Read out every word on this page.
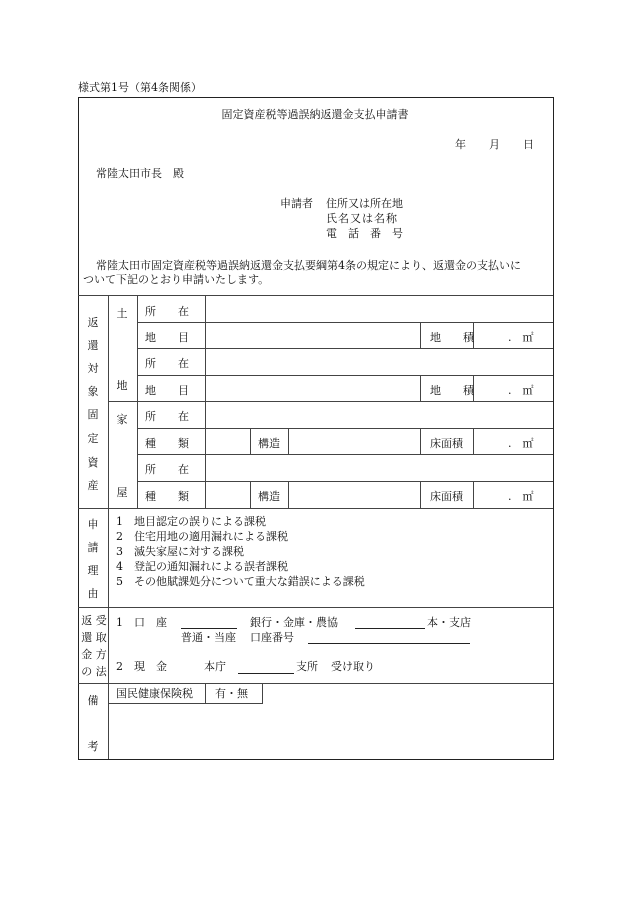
様式第1号（第4条関係）
固定資産税等過誤納返還金支払申請書
年 月 日
常陸太田市長　殿
申請者 住所又は所在地
氏名又は名称
電　話　番　号
常陸太田市固定資産税等過誤納返還金支払要綱第4条の規定により、返還金の支払いに
ついて下記のとおり申請いたします。
返
還
対
象
固
定
資
産
土
地
家
屋
所　　在
地　　目	地　　積	.　㎡
所　　在
地　　目	地　　積	.　㎡
所　　在
種　　類	構造	床面積	.　㎡
所　　在
種　　類	構造	床面積	.　㎡
申
請
理
由
1　地目認定の誤りによる課税
2　住宅用地の適用漏れによる課税
3　滅失家屋に対する課税
4　登記の通知漏れによる誤者課税
5　その他賦課処分について重大な錯誤による課税
返 受
還 取
金 方
の 法
1　口　座	銀行・金庫・農協	本・支店
普通・当座 口座番号
2　現　金	本庁	支所 受け取り
備
考
国民健康保険税 有・無
